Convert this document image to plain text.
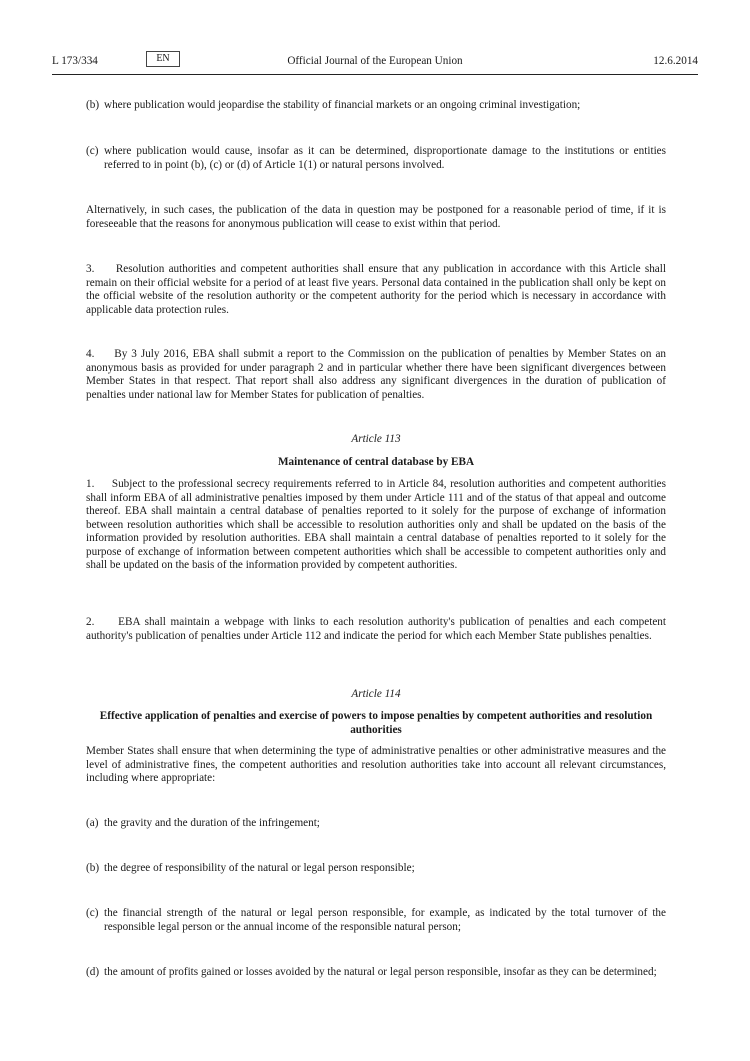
L 173/334	EN	Official Journal of the European Union	12.6.2014
(b) where publication would jeopardise the stability of financial markets or an ongoing criminal investigation;
(c) where publication would cause, insofar as it can be determined, disproportionate damage to the institutions or entities referred to in point (b), (c) or (d) of Article 1(1) or natural persons involved.

Alternatively, in such cases, the publication of the data in question may be postponed for a reasonable period of time, if it is foreseeable that the reasons for anonymous publication will cease to exist within that period.

3.     Resolution authorities and competent authorities shall ensure that any publication in accordance with this Article shall remain on their official website for a period of at least five years. Personal data contained in the publication shall only be kept on the official website of the resolution authority or the competent authority for the period which is necessary in accordance with applicable data protection rules.

4.     By 3 July 2016, EBA shall submit a report to the Commission on the publication of penalties by Member States on an anonymous basis as provided for under paragraph 2 and in particular whether there have been significant divergences between Member States in that respect. That report shall also address any significant divergences in the duration of publication of penalties under national law for Member States for publication of penalties.

Article 113
Maintenance of central database by EBA

1.     Subject to the professional secrecy requirements referred to in Article 84, resolution authorities and competent authorities shall inform EBA of all administrative penalties imposed by them under Article 111 and of the status of that appeal and outcome thereof. EBA shall maintain a central database of penalties reported to it solely for the purpose of exchange of information between resolution authorities which shall be accessible to resolution authorities only and shall be updated on the basis of the information provided by resolution authorities. EBA shall maintain a central database of penalties reported to it solely for the purpose of exchange of information between competent authorities which shall be accessible to competent authorities only and shall be updated on the basis of the information provided by competent authorities.

2.     EBA shall maintain a webpage with links to each resolution authority's publication of penalties and each competent authority's publication of penalties under Article 112 and indicate the period for which each Member State publishes penalties.

Article 114
Effective application of penalties and exercise of powers to impose penalties by competent authorities and resolution authorities

Member States shall ensure that when determining the type of administrative penalties or other administrative measures and the level of administrative fines, the competent authorities and resolution authorities take into account all relevant circumstances, including where appropriate:

(a) the gravity and the duration of the infringement;
(b) the degree of responsibility of the natural or legal person responsible;
(c) the financial strength of the natural or legal person responsible, for example, as indicated by the total turnover of the responsible legal person or the annual income of the responsible natural person;
(d) the amount of profits gained or losses avoided by the natural or legal person responsible, insofar as they can be determined;
